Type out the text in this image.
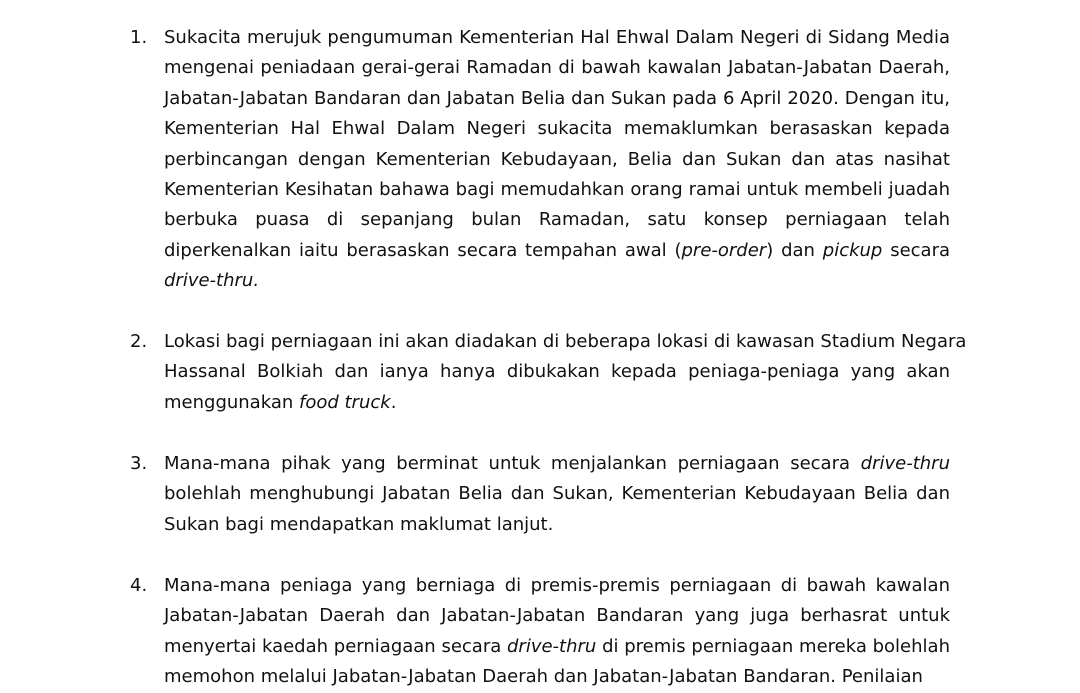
1. Sukacita merujuk pengumuman Kementerian Hal Ehwal Dalam Negeri di Sidang Media
mengenai peniadaan gerai-gerai Ramadan di bawah kawalan Jabatan-Jabatan Daerah,
Jabatan-Jabatan Bandaran dan Jabatan Belia dan Sukan pada 6 April 2020. Dengan itu,
Kementerian Hal Ehwal Dalam Negeri sukacita memaklumkan berasaskan kepada
perbincangan dengan Kementerian Kebudayaan, Belia dan Sukan dan atas nasihat
Kementerian Kesihatan bahawa bagi memudahkan orang ramai untuk membeli juadah
berbuka puasa di sepanjang bulan Ramadan, satu konsep perniagaan telah
diperkenalkan iaitu berasaskan secara tempahan awal (pre-order) dan pickup secara
drive-thru.
2. Lokasi bagi perniagaan ini akan diadakan di beberapa lokasi di kawasan Stadium Negara
Hassanal Bolkiah dan ianya hanya dibukakan kepada peniaga-peniaga yang akan
menggunakan food truck.
3. Mana-mana pihak yang berminat untuk menjalankan perniagaan secara drive-thru
bolehlah menghubungi Jabatan Belia dan Sukan, Kementerian Kebudayaan Belia dan
Sukan bagi mendapatkan maklumat lanjut.
4. Mana-mana peniaga yang berniaga di premis-premis perniagaan di bawah kawalan
Jabatan-Jabatan Daerah dan Jabatan-Jabatan Bandaran yang juga berhasrat untuk
menyertai kaedah perniagaan secara drive-thru di premis perniagaan mereka bolehlah
memohon melalui Jabatan-Jabatan Daerah dan Jabatan-Jabatan Bandaran. Penilaian
